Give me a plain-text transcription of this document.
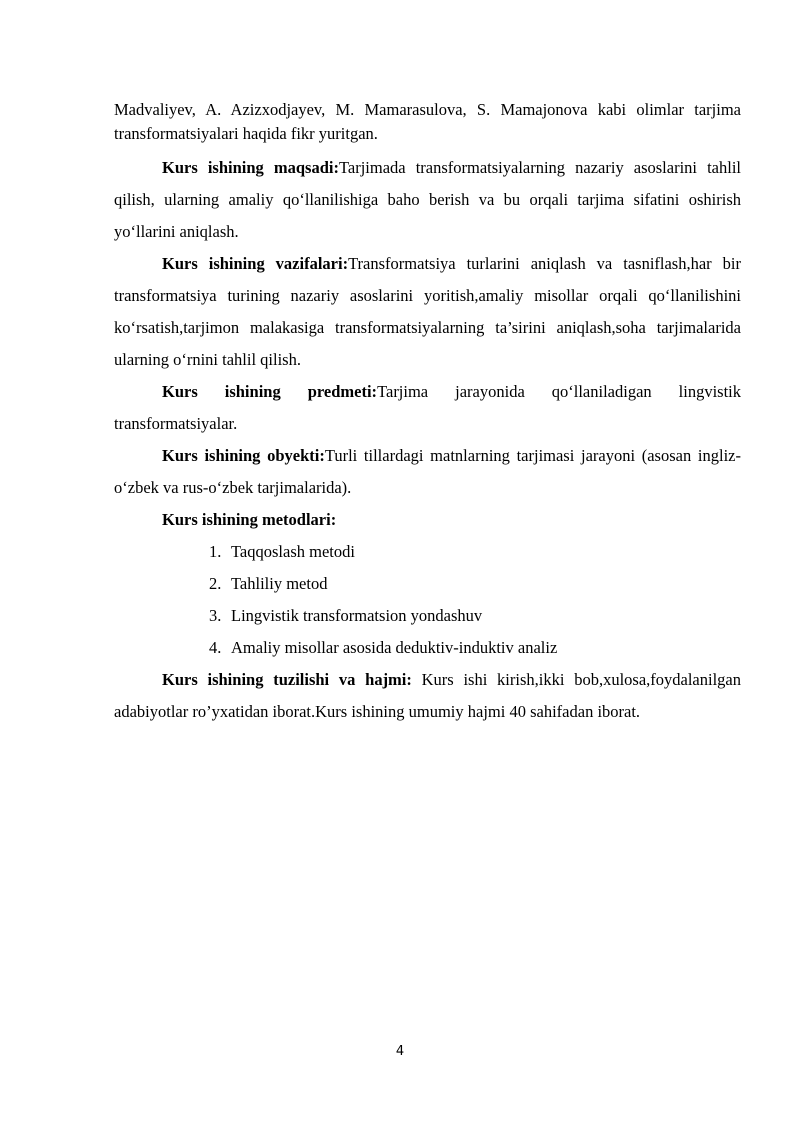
Madvaliyev, A. Azizxodjayev, M. Mamarasulova, S. Mamajonova kabi olimlar tarjima transformatsiyalari haqida fikr yuritgan.

Kurs ishining maqsadi:Tarjimada transformatsiyalarning nazariy asoslarini tahlil qilish, ularning amaliy qo‘llanilishiga baho berish va bu orqali tarjima sifatini oshirish yo‘llarini aniqlash.

Kurs ishining vazifalari:Transformatsiya turlarini aniqlash va tasniflash,har bir transformatsiya turining nazariy asoslarini yoritish,amaliy misollar orqali qo‘llanilishini ko‘rsatish,tarjimon malakasiga transformatsiyalarning ta’sirini aniqlash,soha tarjimalarida ularning o‘rnini tahlil qilish.

Kurs ishining predmeti:Tarjima jarayonida qo‘llaniladigan lingvistik transformatsiyalar.

Kurs ishining obyekti:Turli tillardagi matnlarning tarjimasi jarayoni (asosan ingliz-o‘zbek va rus-o‘zbek tarjimalarida).

Kurs ishining metodlari:

1. Taqqoslash metodi
2. Tahliliy metod
3. Lingvistik transformatsion yondashuv
4. Amaliy misollar asosida deduktiv-induktiv analiz

Kurs ishining tuzilishi va hajmi: Kurs ishi kirish,ikki bob,xulosa,foydalanilgan adabiyotlar ro’yxatidan iborat.Kurs ishining umumiy hajmi 40 sahifadan iborat.

4
